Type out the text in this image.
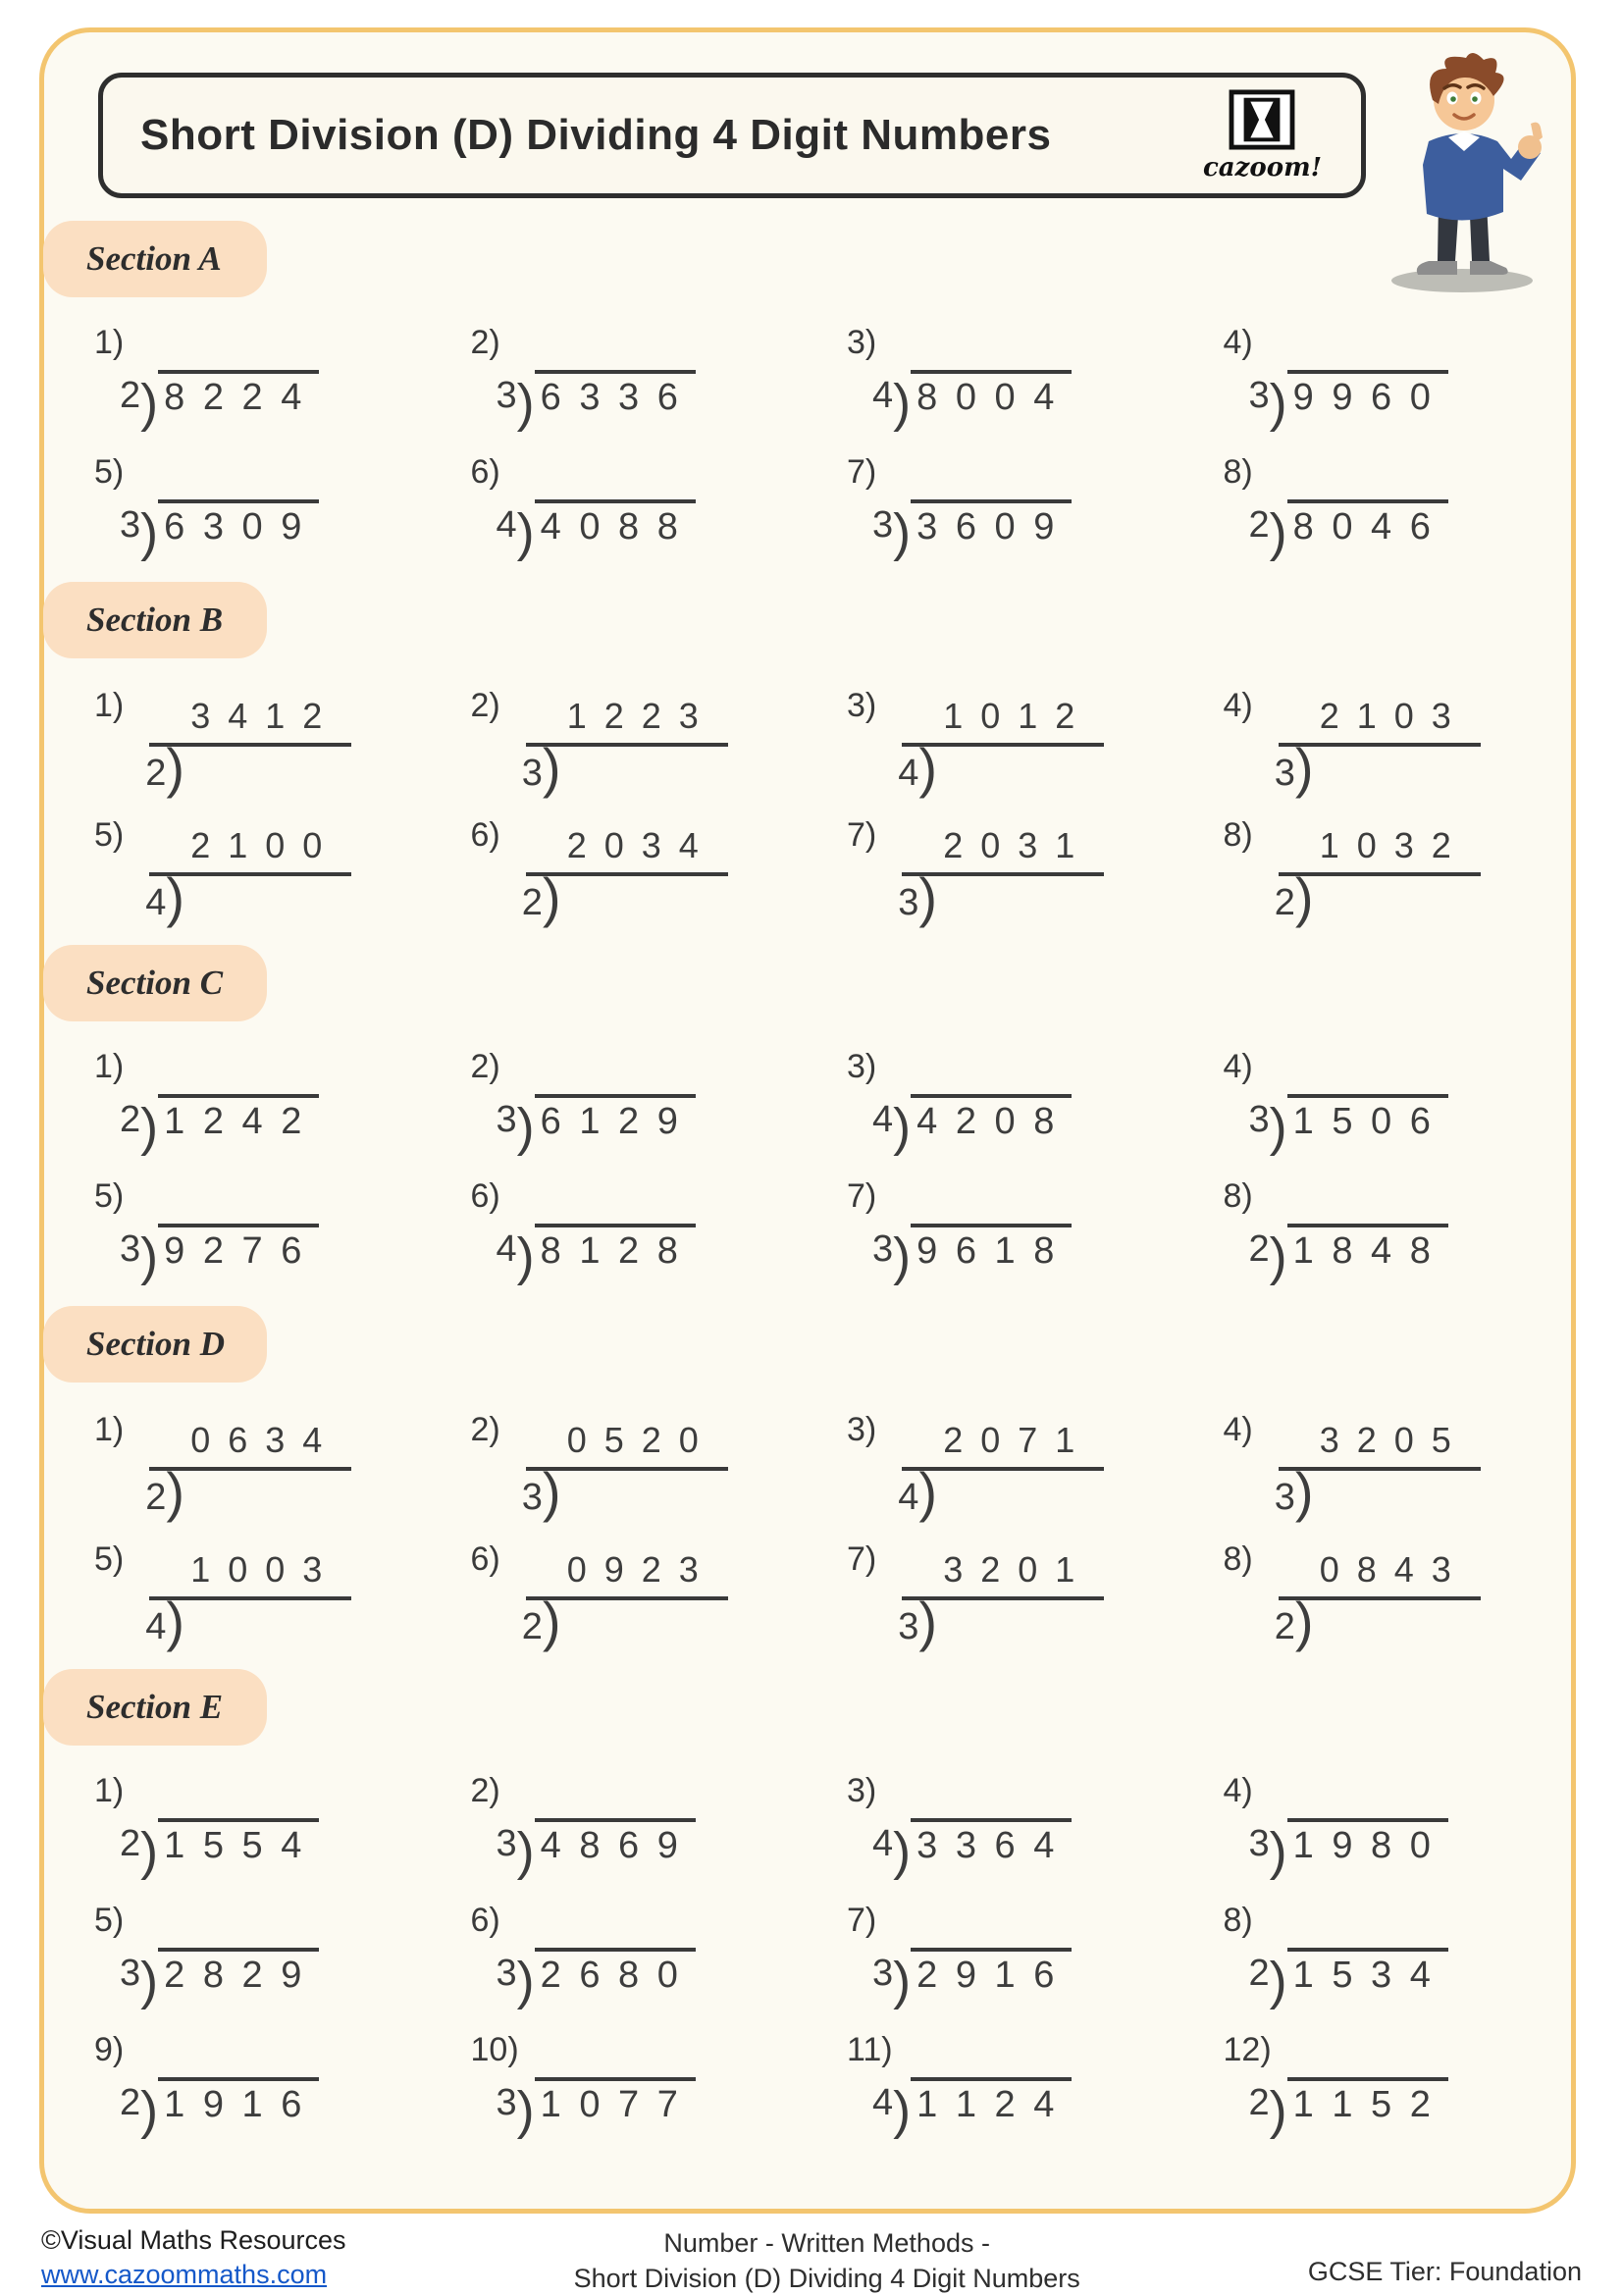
Short Division (D) Dividing 4 Digit Numbers
cazoom!
Section A
1)
2 ) 8 2 2 4
2)
3 ) 6 3 3 6
3)
4 ) 8 0 0 4
4)
3 ) 9 9 6 0
5)
3 ) 6 3 0 9
6)
4 ) 4 0 8 8
7)
3 ) 3 6 0 9
8)
2 ) 8 0 4 6
Section B
1)	3 4 1 2
2 )
2)	1 2 2 3
3 )
3)	1 0 1 2
4 )
4)	2 1 0 3
3 )
5)	2 1 0 0
4 )
6)	2 0 3 4
2 )
7)	2 0 3 1
3 )
8)	1 0 3 2
2 )
Section C
1)
2 ) 1 2 4 2
2)
3 ) 6 1 2 9
3)
4 ) 4 2 0 8
4)
3 ) 1 5 0 6
5)
3 ) 9 2 7 6
6)
4 ) 8 1 2 8
7)
3 ) 9 6 1 8
8)
2 ) 1 8 4 8
Section D
1)	0 6 3 4
2 )
2)	0 5 2 0
3 )
3)	2 0 7 1
4 )
4)	3 2 0 5
3 )
5)	1 0 0 3
4 )
6)	0 9 2 3
2 )
7)	3 2 0 1
3 )
8)	0 8 4 3
2 )
Section E
1)
2 ) 1 5 5 4
2)
3 ) 4 8 6 9
3)
4 ) 3 3 6 4
4)
3 ) 1 9 8 0
5)
3 ) 2 8 2 9
6)
3 ) 2 6 8 0
7)
3 ) 2 9 1 6
8)
2 ) 1 5 3 4
9)
2 ) 1 9 1 6
10)
3 ) 1 0 7 7
11)
4 ) 1 1 2 4
12)
2 ) 1 1 5 2
©Visual Maths Resources
www.cazoommaths.com
Number - Written Methods -
Short Division (D) Dividing 4 Digit Numbers	GCSE Tier: Foundation
